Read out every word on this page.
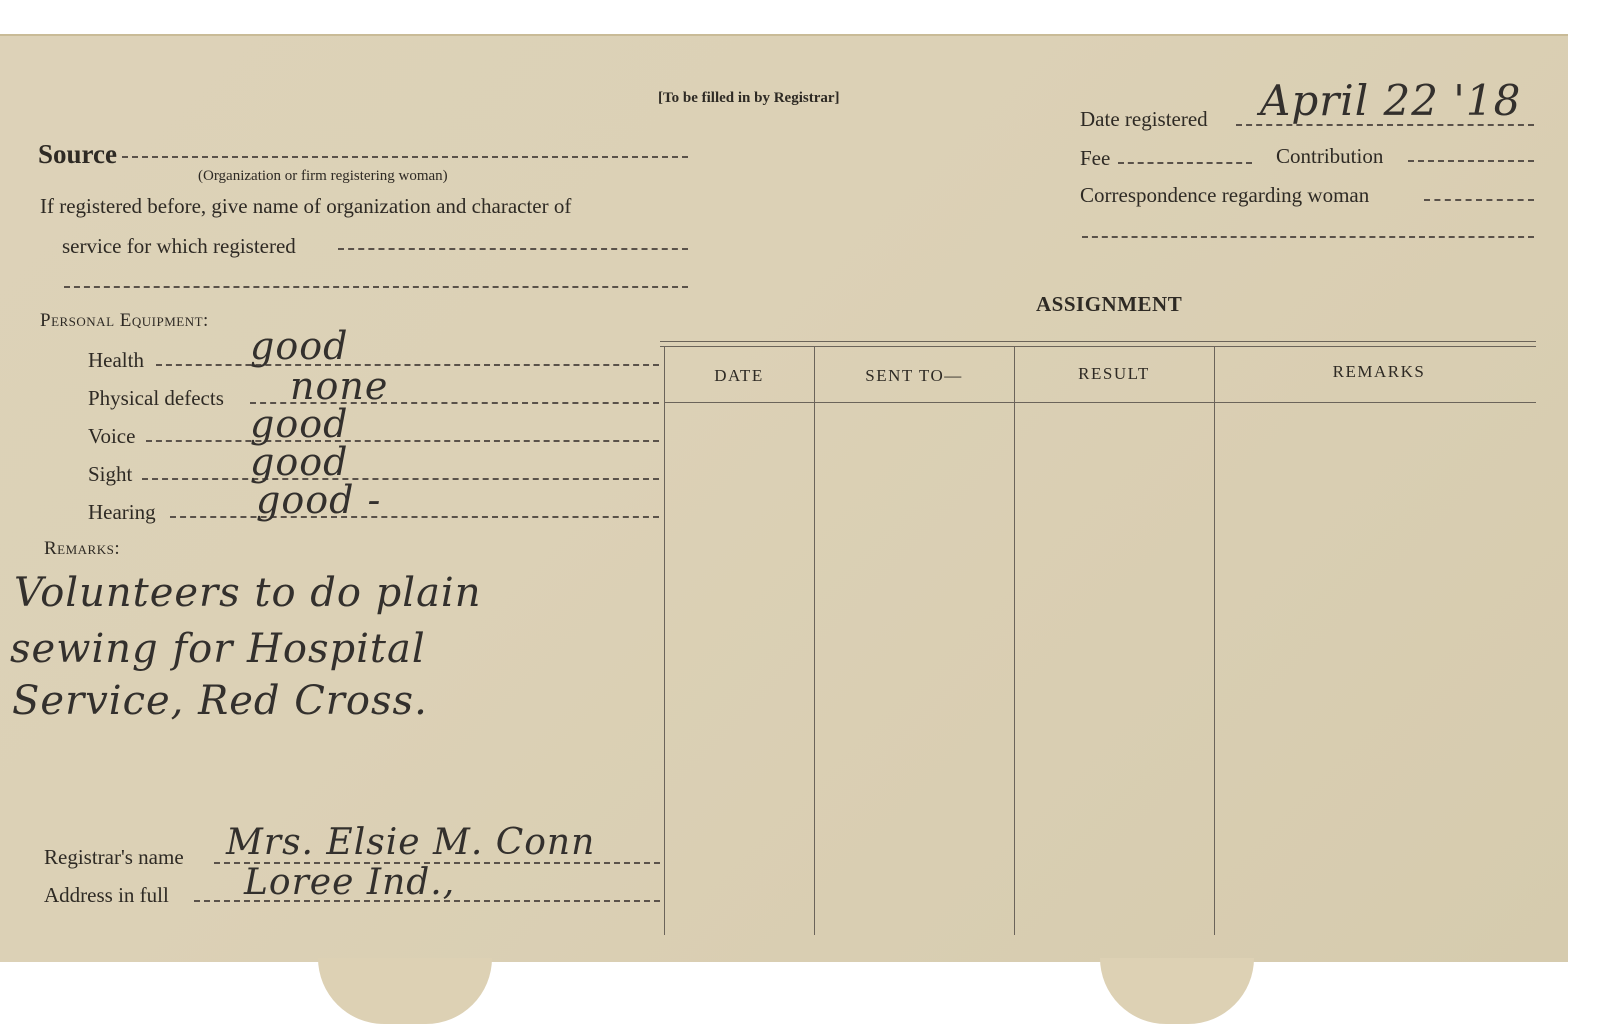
[To be filled in by Registrar]
Source
(Organization or firm registering woman)
If registered before, give name of organization and character of
service for which registered
Personal Equipment:
Health	good
Physical defects none
Voice	good
Sight	good
Hearing	good -
Remarks:
Volunteers to do plain
sewing for Hospital
Service, Red Cross.
Registrar's name Mrs. Elsie M. Conn
Address in full Loree Ind.,
Date registered April 22 '18
Fee	Contribution
Correspondence regarding woman
ASSIGNMENT
DATE	SENT TO—	RESULT	REMARKS
